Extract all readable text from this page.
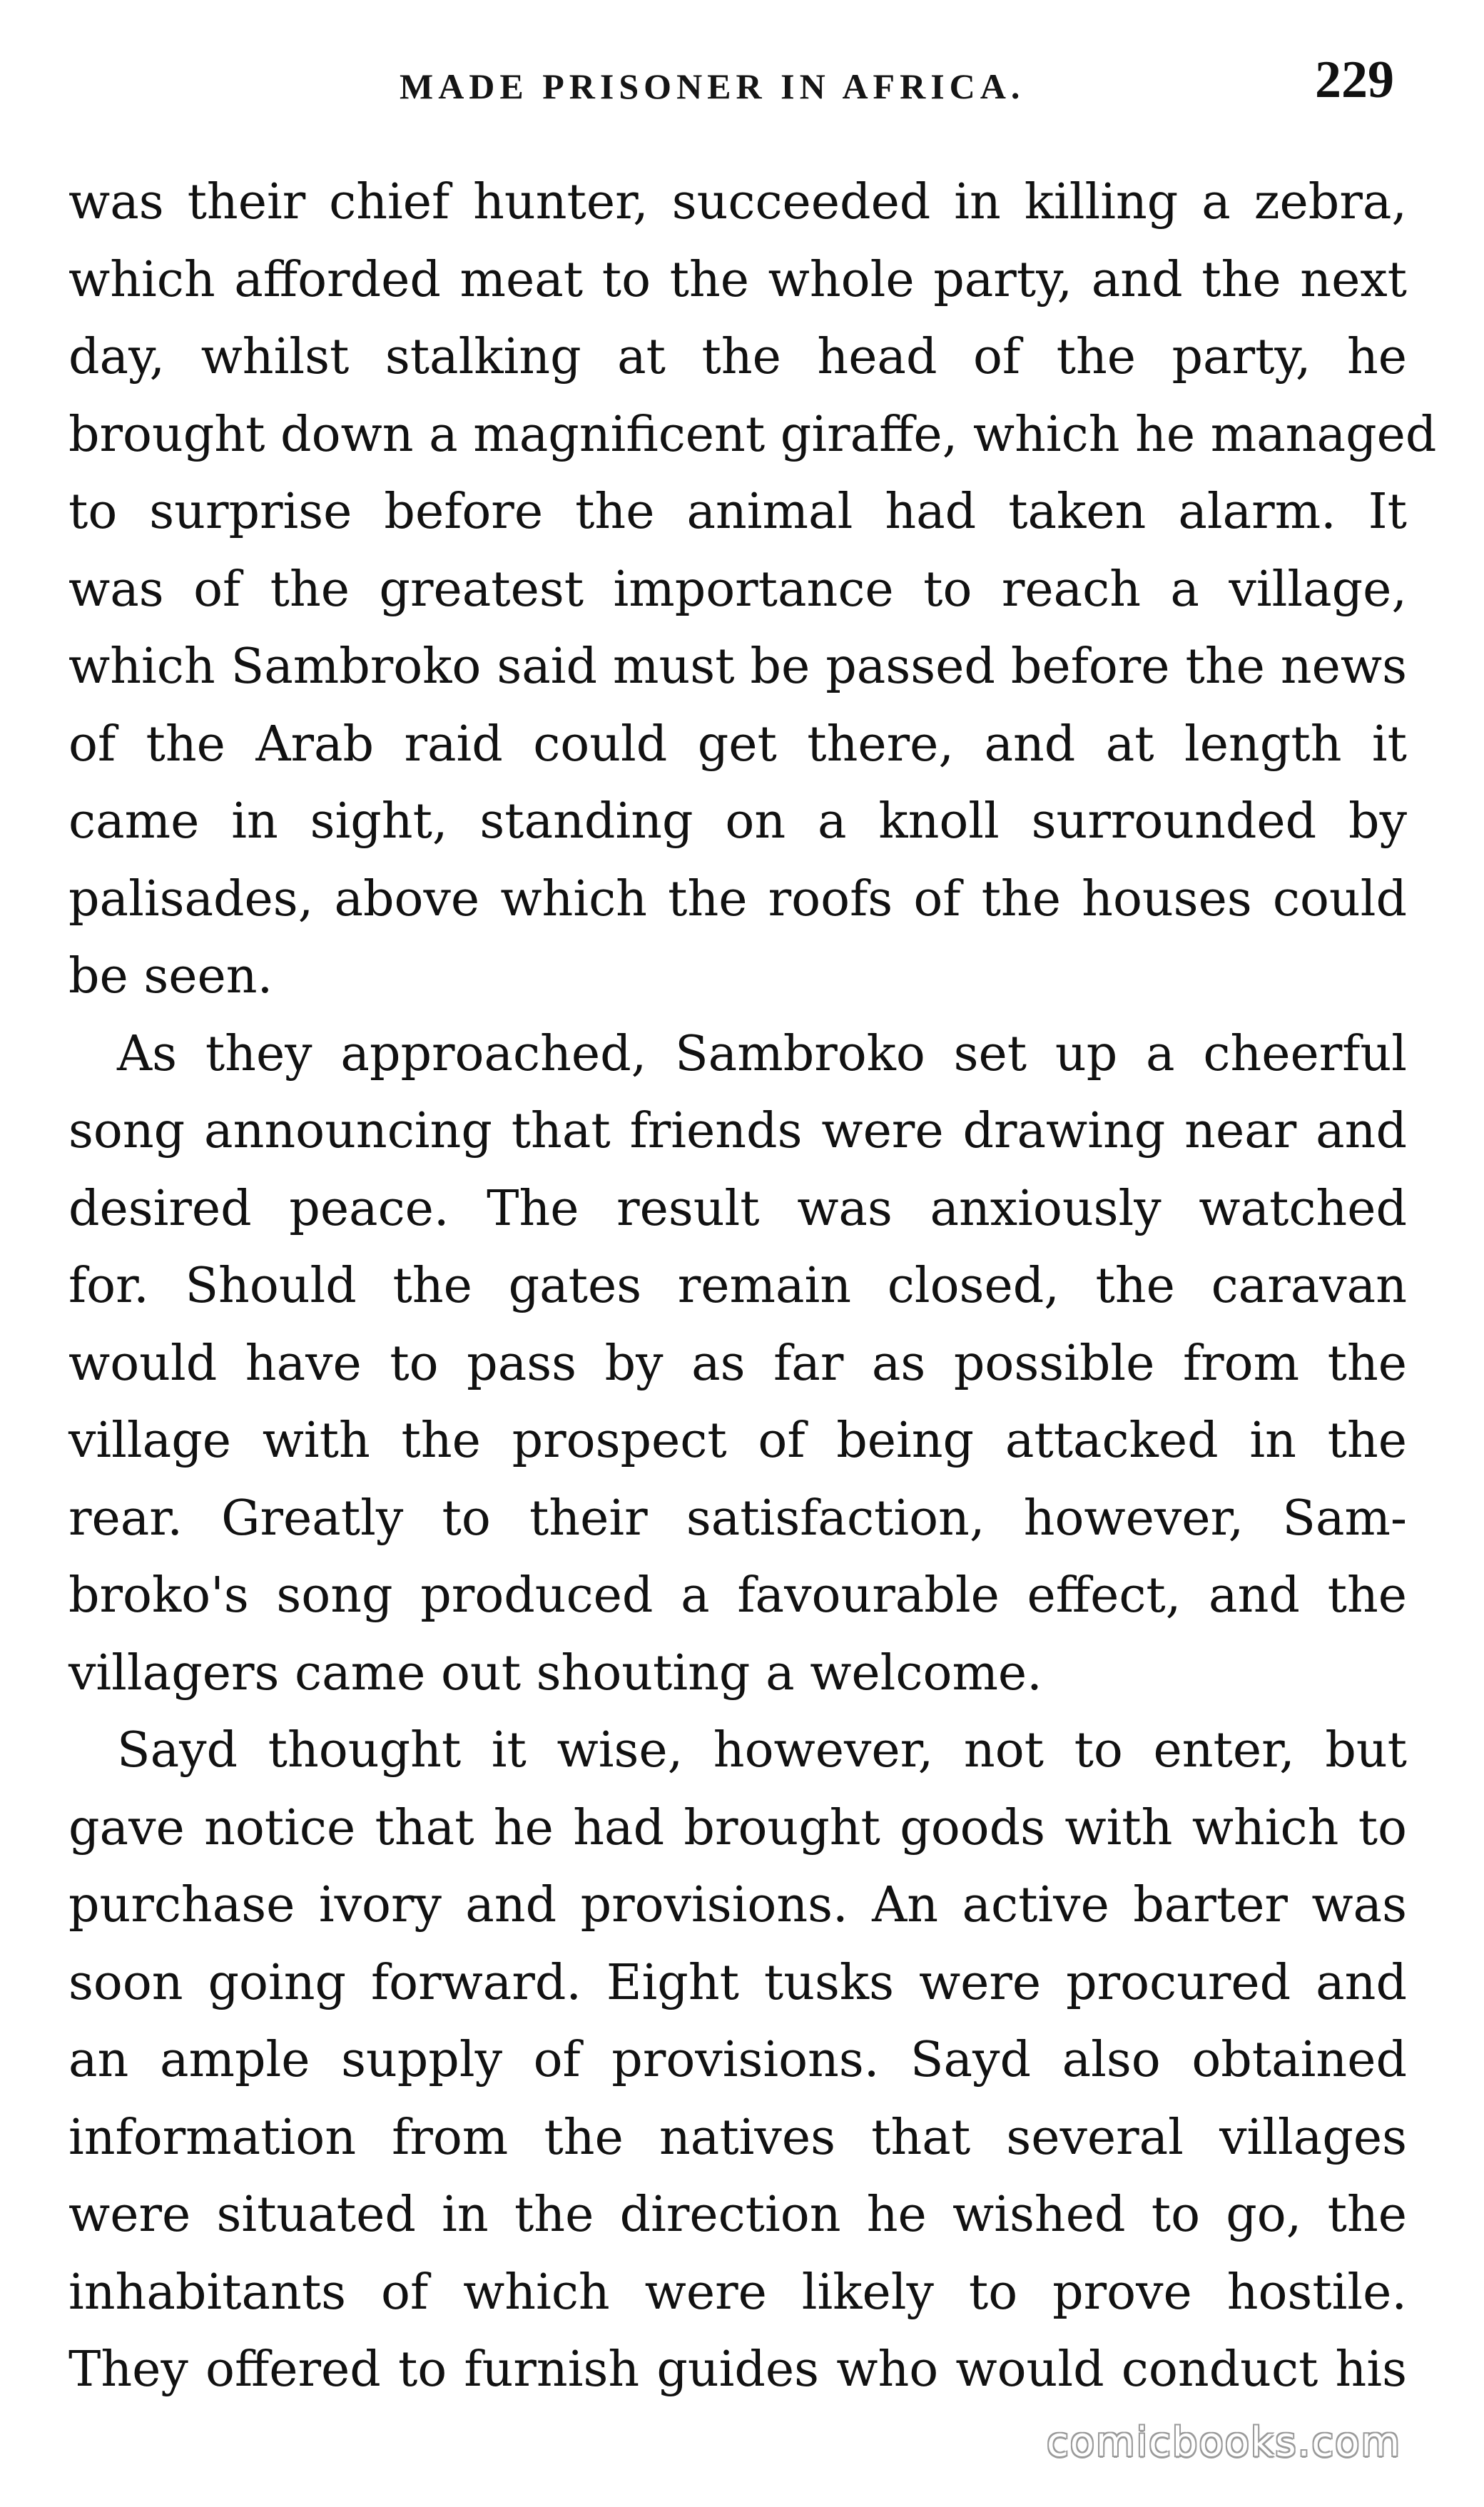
MADE PRISONER IN AFRICA.	229
was their chief hunter, succeeded in killing a zebra,
which afforded meat to the whole party, and the next
day, whilst stalking at the head of the party, he
brought down a magnificent giraffe, which he managed
to surprise before the animal had taken alarm. It
was of the greatest importance to reach a village,
which Sambroko said must be passed before the news
of the Arab raid could get there, and at length it
came in sight, standing on a knoll surrounded by
palisades, above which the roofs of the houses could
be seen.
As they approached, Sambroko set up a cheerful
song announcing that friends were drawing near and
desired peace. The result was anxiously watched
for. Should the gates remain closed, the caravan
would have to pass by as far as possible from the
village with the prospect of being attacked in the
rear. Greatly to their satisfaction, however, Sam-
broko's song produced a favourable effect, and the
villagers came out shouting a welcome.
Sayd thought it wise, however, not to enter, but
gave notice that he had brought goods with which to
purchase ivory and provisions. An active barter was
soon going forward. Eight tusks were procured and
an ample supply of provisions. Sayd also obtained
information from the natives that several villages
were situated in the direction he wished to go, the
inhabitants of which were likely to prove hostile.
They offered to furnish guides who would conduct his
comicbooks.com
